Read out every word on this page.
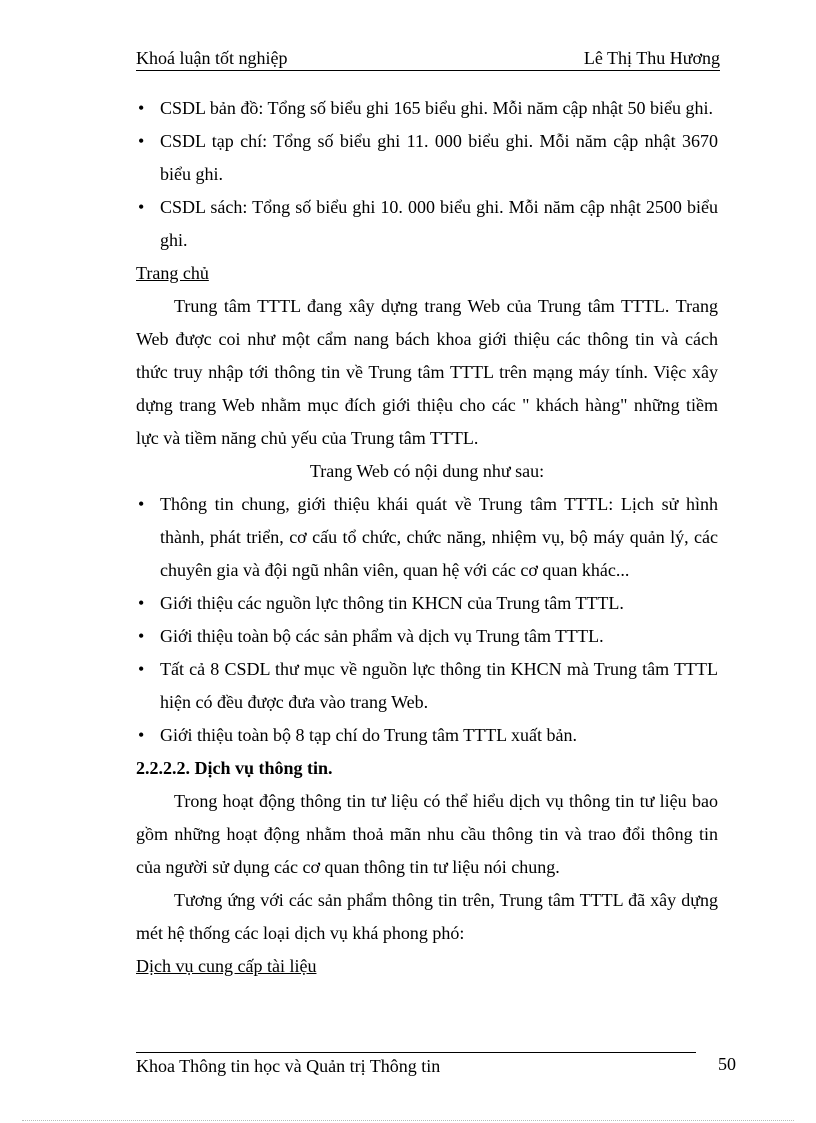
Khoá luận tốt nghiệp	Lê Thị Thu Hương
• CSDL bản đồ: Tổng số biểu ghi 165 biểu ghi. Mỗi năm cập nhật 50 biểu ghi.
• CSDL tạp chí: Tổng số biểu ghi 11. 000 biểu ghi. Mỗi năm cập nhật 3670 biểu ghi.
• CSDL sách: Tổng số biểu ghi 10. 000 biểu ghi. Mỗi năm cập nhật 2500 biểu ghi.
Trang chủ
Trung tâm TTTL đang xây dựng trang Web của Trung tâm TTTL. Trang Web được coi như một cẩm nang bách khoa giới thiệu các thông tin và cách thức truy nhập tới thông tin về Trung tâm TTTL trên mạng máy tính. Việc xây dựng trang Web nhằm mục đích giới thiệu cho các " khách hàng" những tiềm lực và tiềm năng chủ yếu của Trung tâm TTTL.
Trang Web có nội dung như sau:
• Thông tin chung, giới thiệu khái quát về Trung tâm TTTL: Lịch sử hình thành, phát triển, cơ cấu tổ chức, chức năng, nhiệm vụ, bộ máy quản lý, các chuyên gia và đội ngũ nhân viên, quan hệ với các cơ quan khác...
• Giới thiệu các nguồn lực thông tin KHCN của Trung tâm TTTL.
• Giới thiệu toàn bộ các sản phẩm và dịch vụ Trung tâm TTTL.
• Tất cả 8 CSDL thư mục về nguồn lực thông tin KHCN mà Trung tâm TTTL hiện có đều được đưa vào trang Web.
• Giới thiệu toàn bộ 8 tạp chí do Trung tâm TTTL xuất bản.
2.2.2.2. Dịch vụ thông tin.
Trong hoạt động thông tin tư liệu có thể hiểu dịch vụ thông tin tư liệu bao gồm những hoạt động nhằm thoả mãn nhu cầu thông tin và trao đổi thông tin của người sử dụng các cơ quan thông tin tư liệu nói chung.
Tương ứng với các sản phẩm thông tin trên, Trung tâm TTTL đã xây dựng mét hệ thống các loại dịch vụ khá phong phó:
Dịch vụ cung cấp tài liệu
Khoa Thông tin học và Quản trị Thông tin	50
